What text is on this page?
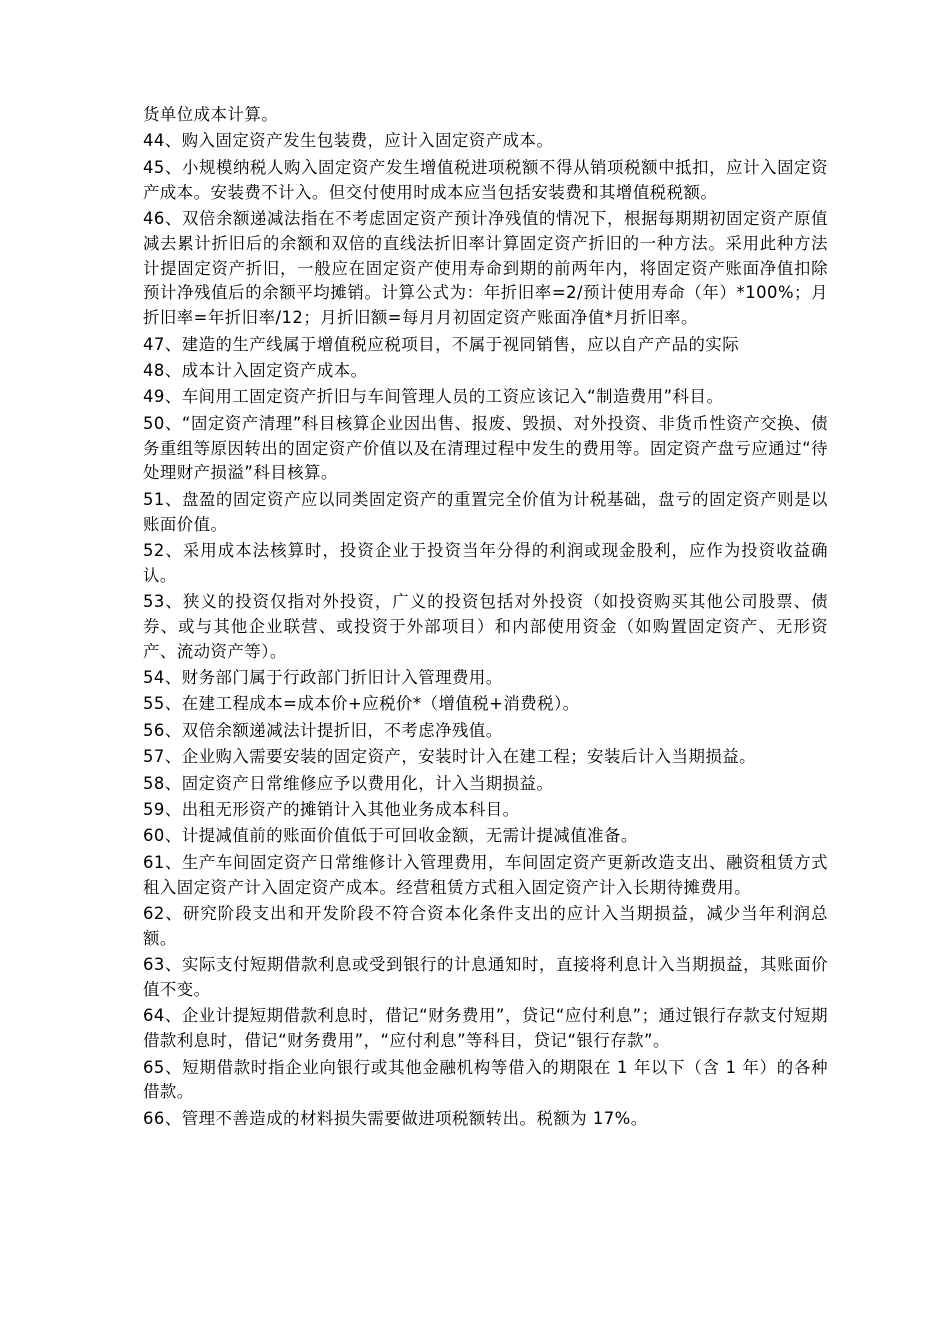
货单位成本计算。

44、购入固定资产发生包装费，应计入固定资产成本。

45、小规模纳税人购入固定资产发生增值税进项税额不得从销项税额中抵扣，应计入固定资产成本。安装费不计入。但交付使用时成本应当包括安装费和其增值税税额。

46、双倍余额递减法指在不考虑固定资产预计净残值的情况下，根据每期期初固定资产原值减去累计折旧后的余额和双倍的直线法折旧率计算固定资产折旧的一种方法。采用此种方法计提固定资产折旧，一般应在固定资产使用寿命到期的前两年内，将固定资产账面净值扣除预计净残值后的余额平均摊销。计算公式为：年折旧率=2/预计使用寿命（年）*100%；月折旧率=年折旧率/12；月折旧额=每月月初固定资产账面净值*月折旧率。

47、建造的生产线属于增值税应税项目，不属于视同销售，应以自产产品的实际

48、成本计入固定资产成本。

49、车间用工固定资产折旧与车间管理人员的工资应该记入“制造费用”科目。

50、“固定资产清理”科目核算企业因出售、报废、毁损、对外投资、非货币性资产交换、债务重组等原因转出的固定资产价值以及在清理过程中发生的费用等。固定资产盘亏应通过“待处理财产损溢”科目核算。

51、盘盈的固定资产应以同类固定资产的重置完全价值为计税基础，盘亏的固定资产则是以账面价值。

52、采用成本法核算时，投资企业于投资当年分得的利润或现金股利，应作为投资收益确认。

53、狭义的投资仅指对外投资，广义的投资包括对外投资（如投资购买其他公司股票、债券、或与其他企业联营、或投资于外部项目）和内部使用资金（如购置固定资产、无形资产、流动资产等）。

54、财务部门属于行政部门折旧计入管理费用。

55、在建工程成本=成本价+应税价*（增值税+消费税）。

56、双倍余额递减法计提折旧，不考虑净残值。

57、企业购入需要安装的固定资产，安装时计入在建工程；安装后计入当期损益。

58、固定资产日常维修应予以费用化，计入当期损益。

59、出租无形资产的摊销计入其他业务成本科目。

60、计提减值前的账面价值低于可回收金额，无需计提减值准备。

61、生产车间固定资产日常维修计入管理费用，车间固定资产更新改造支出、融资租赁方式租入固定资产计入固定资产成本。经营租赁方式租入固定资产计入长期待摊费用。

62、研究阶段支出和开发阶段不符合资本化条件支出的应计入当期损益，减少当年利润总额。

63、实际支付短期借款利息或受到银行的计息通知时，直接将利息计入当期损益，其账面价值不变。

64、企业计提短期借款利息时，借记“财务费用”，贷记“应付利息”；通过银行存款支付短期借款利息时，借记“财务费用”，“应付利息”等科目，贷记“银行存款”。

65、短期借款时指企业向银行或其他金融机构等借入的期限在 1 年以下（含 1 年）的各种借款。

66、管理不善造成的材料损失需要做进项税额转出。税额为 17%。
